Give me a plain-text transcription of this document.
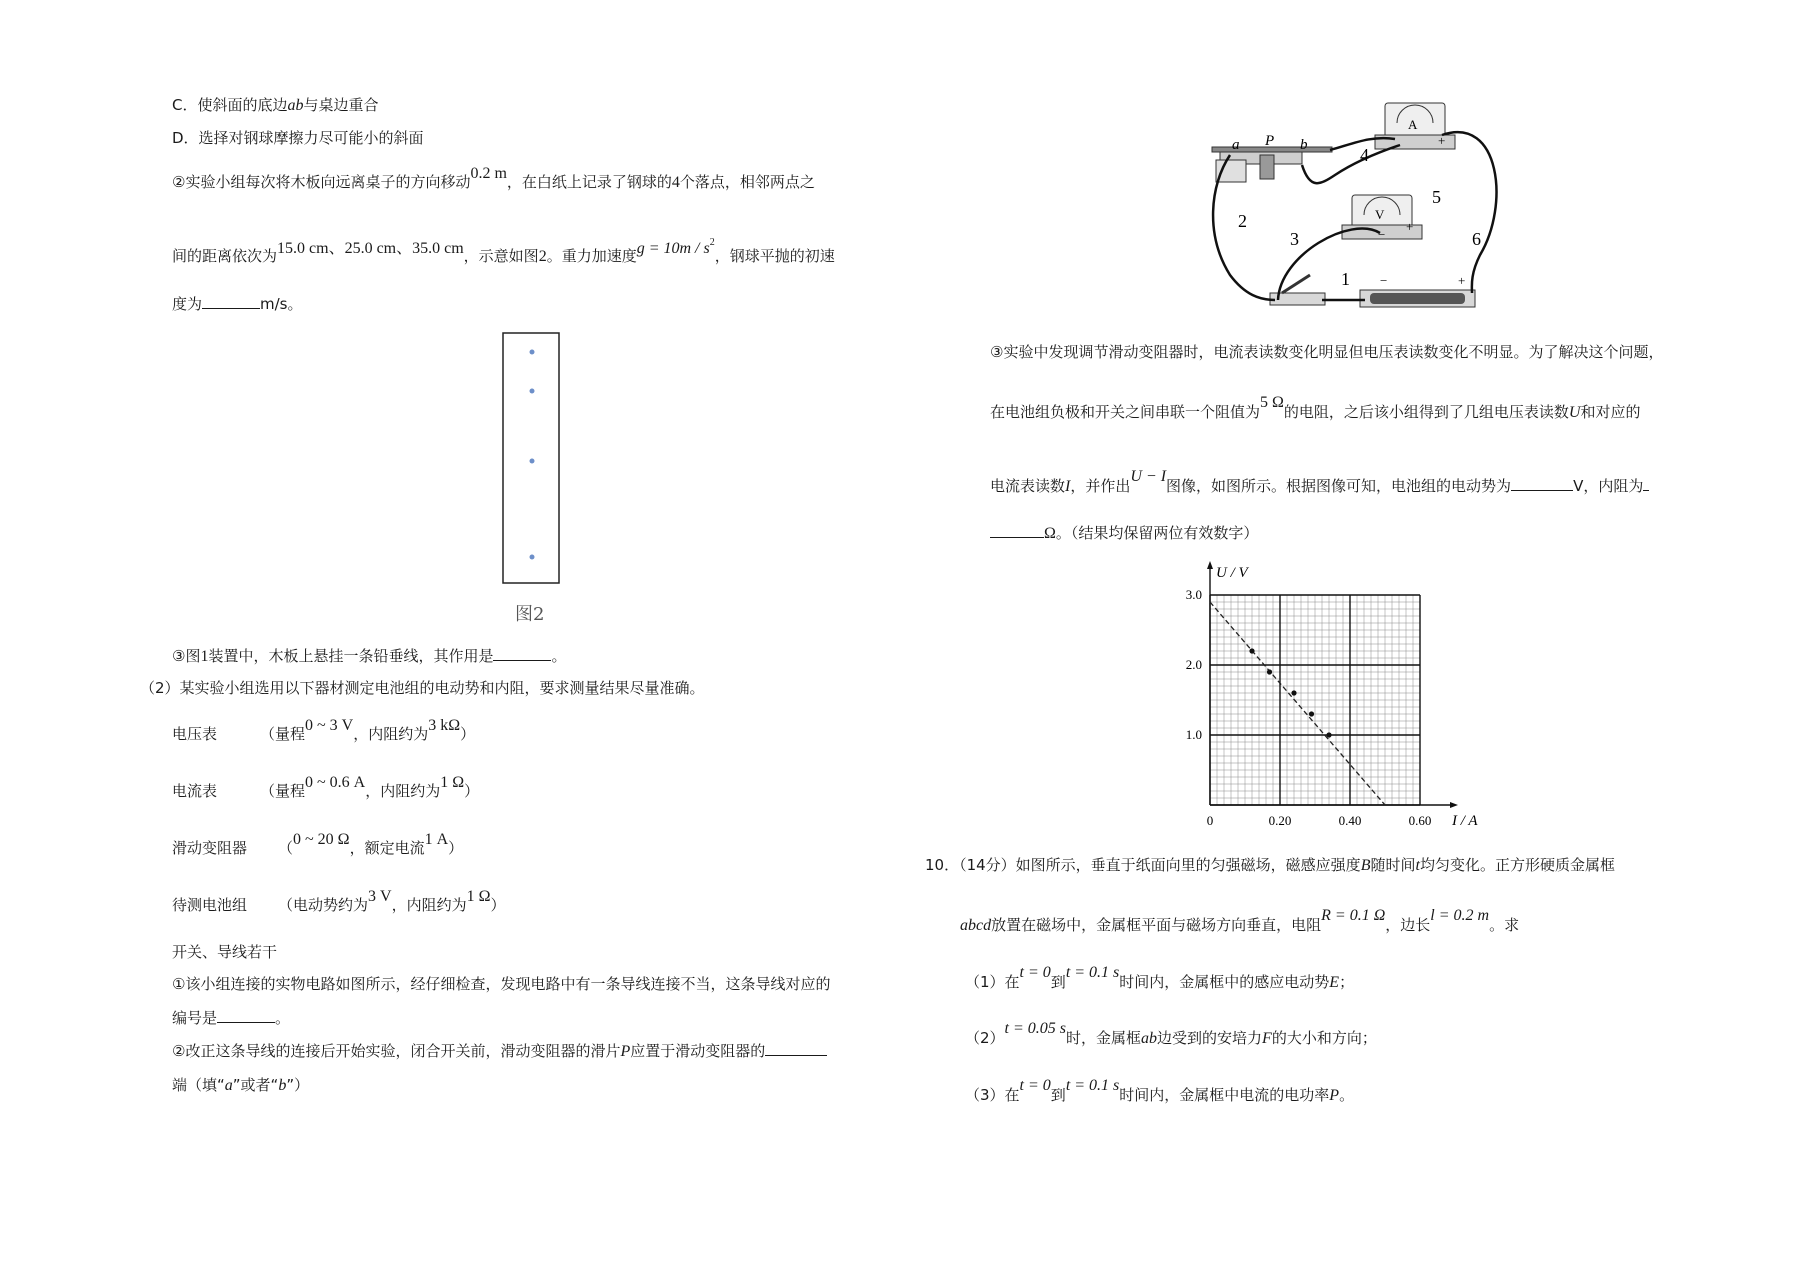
C．使斜面的底边ab与桌边重合
D．选择对钢球摩擦力尽可能小的斜面
②实验小组每次将木板向远离桌子的方向移动0.2 m，在白纸上记录了钢球的4个落点，相邻两点之
间的距离依次为15.0 cm、25.0 cm、35.0 cm，示意如图2。重力加速度$g = 10m / s^2$，钢球平抛的初速
度为	m/s。
图2
③图1装置中，木板上悬挂一条铅垂线，其作用是	。
（2）某实验小组选用以下器材测定电池组的电动势和内阻，要求测量结果尽量准确。
电压表	（量程0 ~ 3 V，内阻约为3 kΩ）
电流表	（量程0 ~ 0.6 A，内阻约为1 Ω）
滑动变阻器 （0 ~ 20 Ω，额定电流1 A）
待测电池组 （电动势约为3 V，内阻约为1 Ω）
开关、导线若干
①该小组连接的实物电路如图所示，经仔细检查，发现电路中有一条导线连接不当，这条导线对应的
编号是	。
②改正这条导线的连接后开始实验，闭合开关前，滑动变阻器的滑片P应置于滑动变阻器的
端（填“a”或者“b”）
a P b	4
2
3
1
5
6
A
V
+
+
−
−	+
③实验中发现调节滑动变阻器时，电流表读数变化明显但电压表读数变化不明显。为了解决这个问题，
在电池组负极和开关之间串联一个阻值为5 Ω的电阻，之后该小组得到了几组电压表读数U和对应的
电流表读数I，并作出U − I图像，如图所示。根据图像可知，电池组的电动势为	V，内阻为
Ω。（结果均保留两位有效数字）
1.0
2.0
3.0
0	0.20	0.40	0.60
U / V
I / A
10．（14分）如图所示，垂直于纸面向里的匀强磁场，磁感应强度B随时间t均匀变化。正方形硬质金属框
abcd放置在磁场中，金属框平面与磁场方向垂直，电阻R = 0.1 Ω，边长l = 0.2 m。求
（1）在t = 0到t = 0.1 s时间内，金属框中的感应电动势E；
（2）t = 0.05 s时，金属框ab边受到的安培力F的大小和方向；
（3）在t = 0到t = 0.1 s时间内，金属框中电流的电功率P。
